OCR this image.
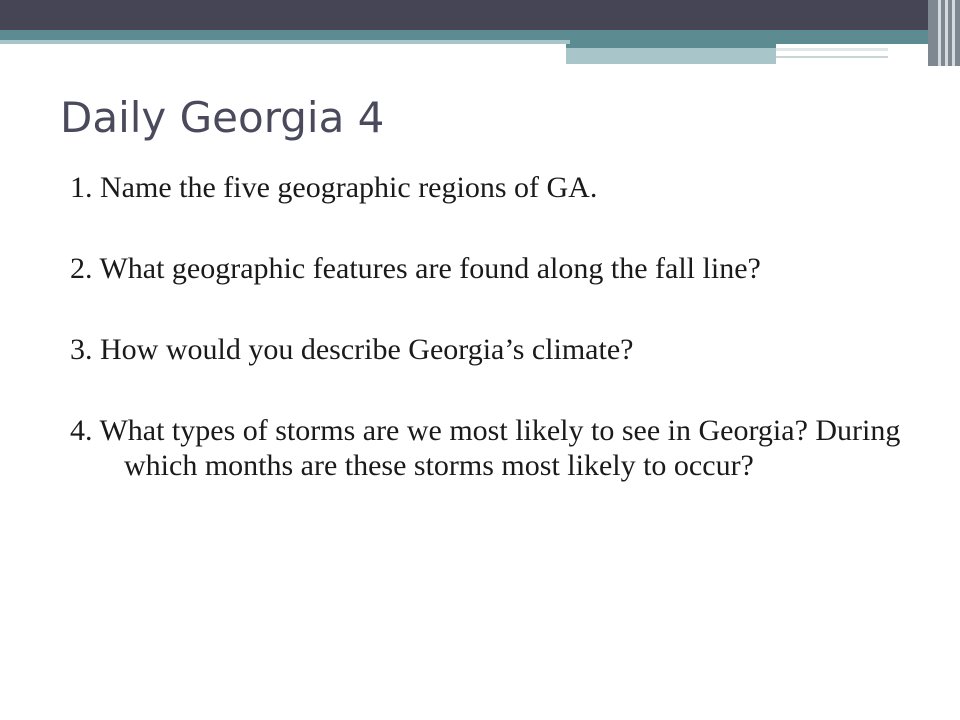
Daily Georgia 4
1. Name the five geographic regions of GA.
2. What geographic features are found along the fall line?
3. How would you describe Georgia’s climate?
4. What types of storms are we most likely to see in Georgia? During which months are these storms most likely to occur?
